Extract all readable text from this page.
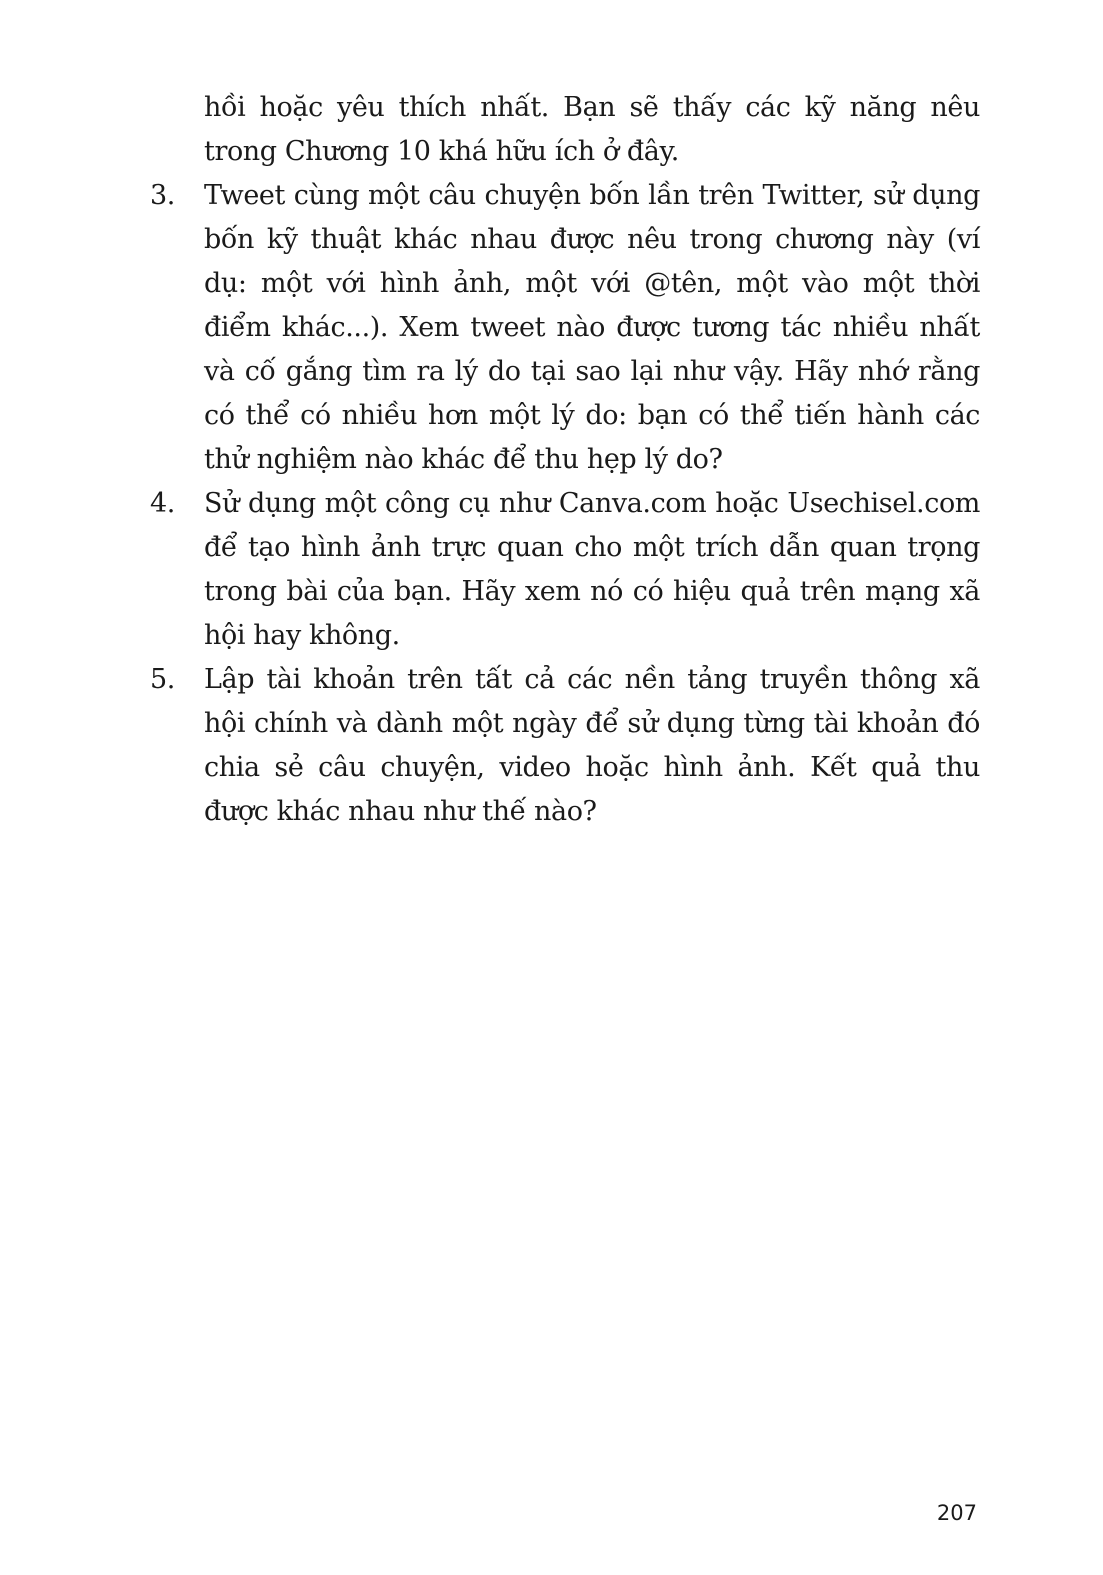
hồi hoặc yêu thích nhất. Bạn sẽ thấy các kỹ năng nêu trong Chương 10 khá hữu ích ở đây.
3.	Tweet cùng một câu chuyện bốn lần trên Twitter, sử dụng bốn kỹ thuật khác nhau được nêu trong chương này (ví dụ: một với hình ảnh, một với @tên, một vào một thời điểm khác...). Xem tweet nào được tương tác nhiều nhất và cố gắng tìm ra lý do tại sao lại như vậy. Hãy nhớ rằng có thể có nhiều hơn một lý do: bạn có thể tiến hành các thử nghiệm nào khác để thu hẹp lý do?
4.	Sử dụng một công cụ như Canva.com hoặc Usechisel.com để tạo hình ảnh trực quan cho một trích dẫn quan trọng trong bài của bạn. Hãy xem nó có hiệu quả trên mạng xã hội hay không.
5.	Lập tài khoản trên tất cả các nền tảng truyền thông xã hội chính và dành một ngày để sử dụng từng tài khoản đó chia sẻ câu chuyện, video hoặc hình ảnh. Kết quả thu được khác nhau như thế nào?
207
